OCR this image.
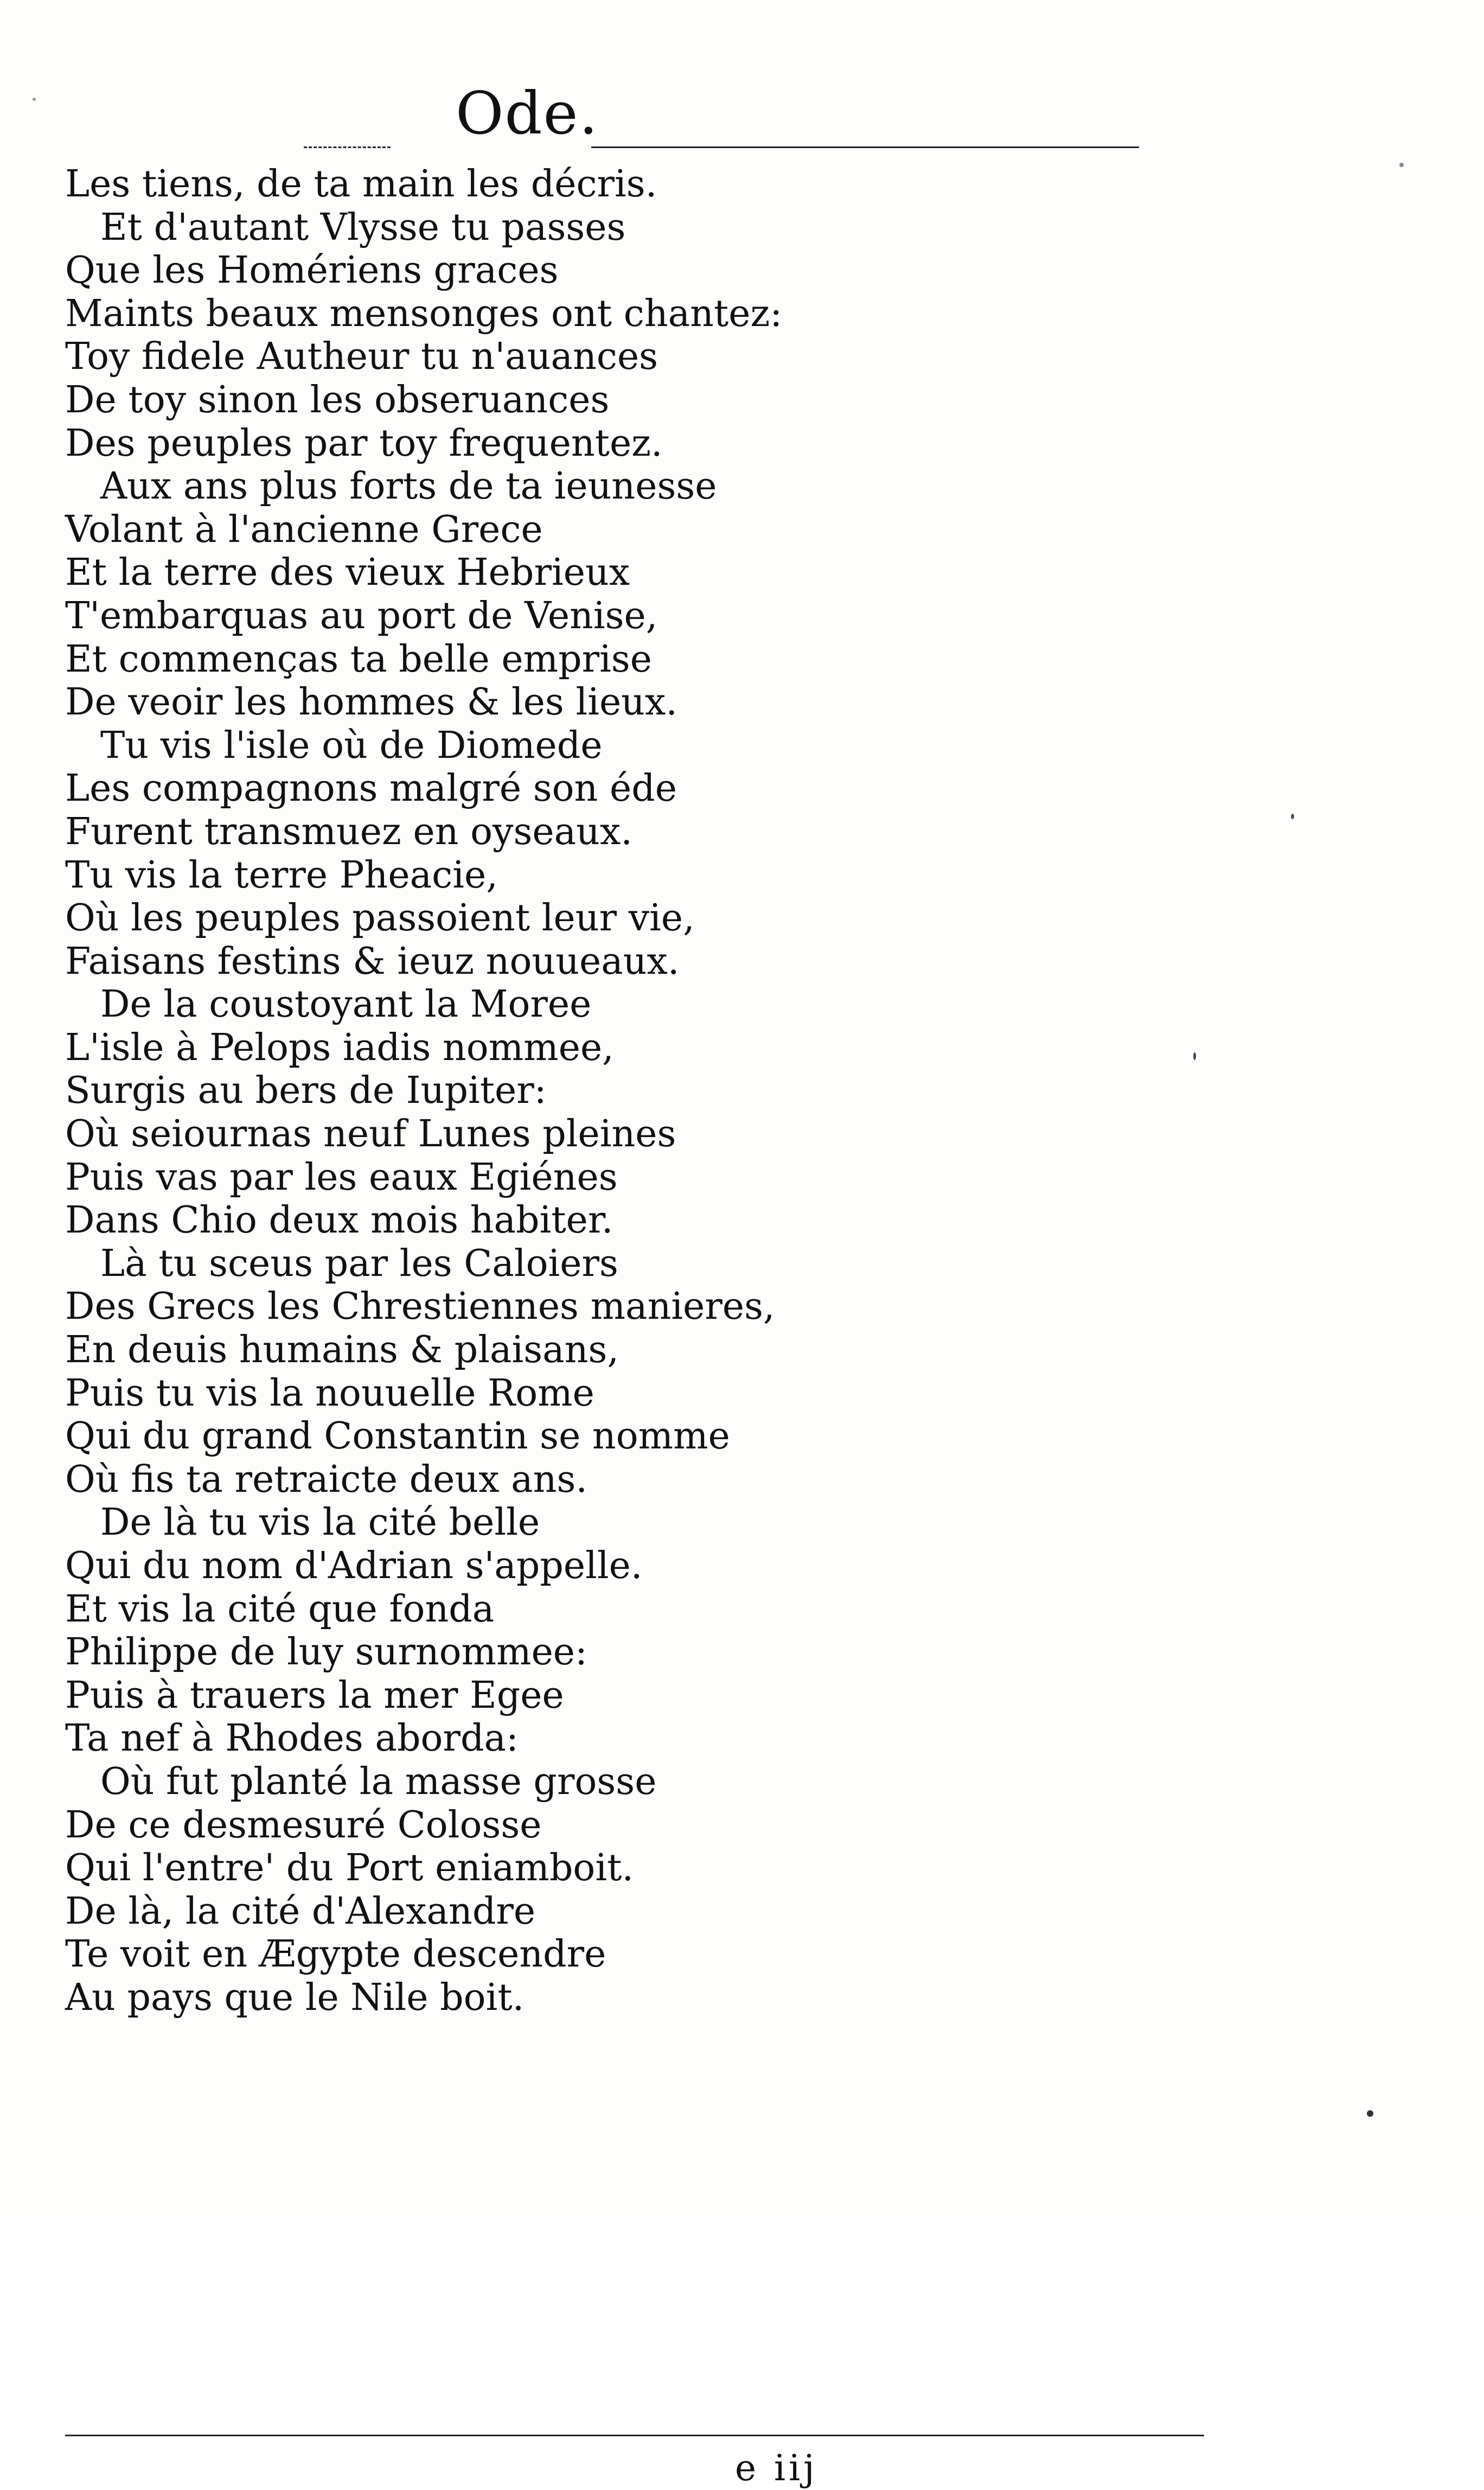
Ode.
Les tiens, de ta main les décris.
Et d'autant Vlysse tu passes
Que les Homériens graces
Maints beaux mensonges ont chantez:
Toy fidele Autheur tu n'auances
De toy sinon les obseruances
Des peuples par toy frequentez.
Aux ans plus forts de ta ieunesse
Volant à l'ancienne Grece
Et la terre des vieux Hebrieux
T'embarquas au port de Venise,
Et commenças ta belle emprise
De veoir les hommes & les lieux.
Tu vis l'isle où de Diomede
Les compagnons malgré son éde
Furent transmuez en oyseaux.
Tu vis la terre Pheacie,
Où les peuples passoient leur vie,
Faisans festins & ieuz nouueaux.
De la coustoyant la Moree
L'isle à Pelops iadis nommee,
Surgis au bers de Iupiter:
Où seiournas neuf Lunes pleines
Puis vas par les eaux Egiénes
Dans Chio deux mois habiter.
Là tu sceus par les Caloiers
Des Grecs les Chrestiennes manieres,
En deuis humains & plaisans,
Puis tu vis la nouuelle Rome
Qui du grand Constantin se nomme
Où fis ta retraicte deux ans.
De là tu vis la cité belle
Qui du nom d'Adrian s'appelle.
Et vis la cité que fonda
Philippe de luy surnommee:
Puis à trauers la mer Egee
Ta nef à Rhodes aborda:
Où fut planté la masse grosse
De ce desmesuré Colosse
Qui l'entre' du Port eniamboit.
De là, la cité d'Alexandre
Te voit en Ægypte descendre
Au pays que le Nile boit.
e iij
